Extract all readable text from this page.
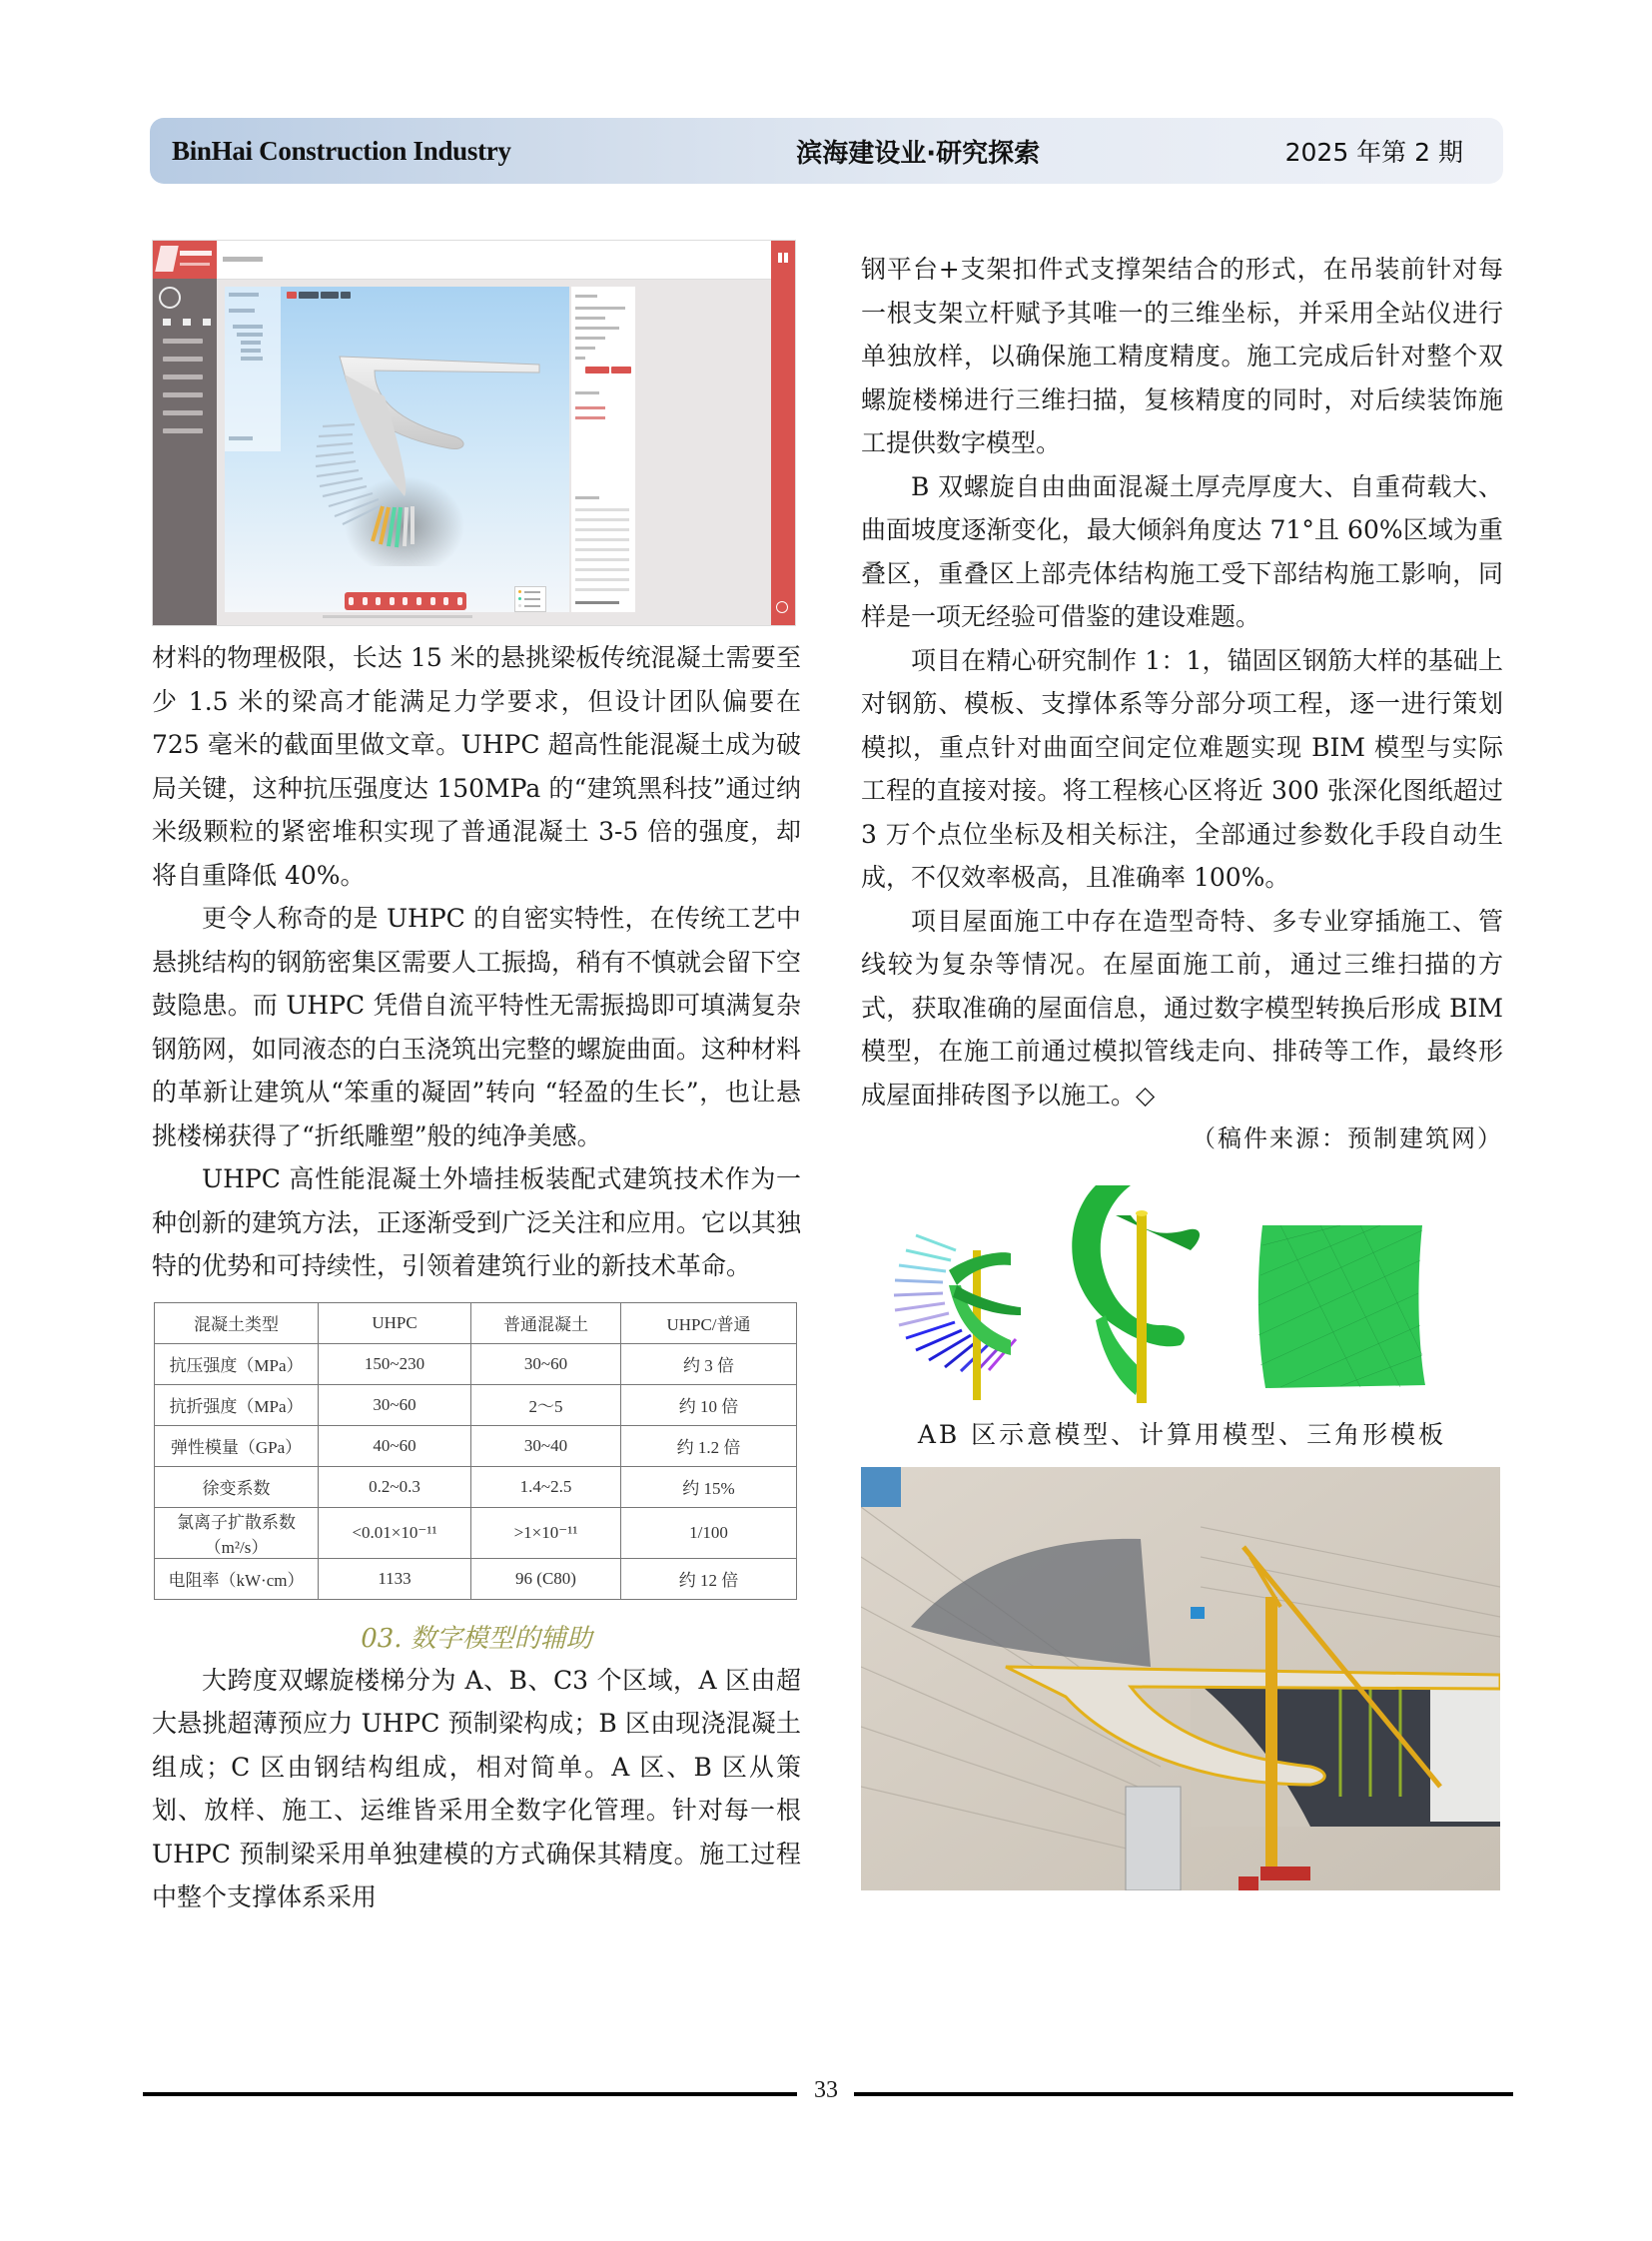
BinHai Construction Industry	滨海建设业·研究探索	2025 年第 2 期

材料的物理极限，长达 15 米的悬挑梁板传统混凝土需要至少 1.5 米的梁高才能满足力学要求，但设计团队偏要在 725 毫米的截面里做文章。UHPC 超高性能混凝土成为破局关键，这种抗压强度达 150MPa 的“建筑黑科技”通过纳米级颗粒的紧密堆积实现了普通混凝土 3-5 倍的强度，却将自重降低 40%。

更令人称奇的是 UHPC 的自密实特性，在传统工艺中悬挑结构的钢筋密集区需要人工振捣，稍有不慎就会留下空鼓隐患。而 UHPC 凭借自流平特性无需振捣即可填满复杂钢筋网，如同液态的白玉浇筑出完整的螺旋曲面。这种材料的革新让建筑从“笨重的凝固”转向 “轻盈的生长”，也让悬挑楼梯获得了“折纸雕塑”般的纯净美感。

UHPC 高性能混凝土外墙挂板装配式建筑技术作为一种创新的建筑方法，正逐渐受到广泛关注和应用。它以其独特的优势和可持续性，引领着建筑行业的新技术革命。

混凝土类型	UHPC	普通混凝土	UHPC/普通
抗压强度（MPa）	150~230	30~60	约 3 倍
抗折强度（MPa）	30~60	2～5	约 10 倍
弹性模量（GPa）	40~60	30~40	约 1.2 倍
徐变系数	0.2~0.3	1.4~2.5	约 15%
氯离子扩散系数（m²/s）	<0.01×10⁻¹¹	>1×10⁻¹¹	1/100
电阻率（kW·cm）	1133	96 (C80)	约 12 倍
03. 数字模型的辅助

大跨度双螺旋楼梯分为 A、B、C3 个区域，A 区由超大悬挑超薄预应力 UHPC 预制梁构成；B 区由现浇混凝土组成；C 区由钢结构组成，相对简单。A 区、B 区从策划、放样、施工、运维皆采用全数字化管理。针对每一根 UHPC 预制梁采用单独建模的方式确保其精度。施工过程中整个支撑体系采用

钢平台+支架扣件式支撑架结合的形式，在吊装前针对每一根支架立杆赋予其唯一的三维坐标，并采用全站仪进行单独放样，以确保施工精度精度。施工完成后针对整个双螺旋楼梯进行三维扫描，复核精度的同时，对后续装饰施工提供数字模型。

B 双螺旋自由曲面混凝土厚壳厚度大、自重荷载大、曲面坡度逐渐变化，最大倾斜角度达 71°且 60%区域为重叠区，重叠区上部壳体结构施工受下部结构施工影响，同样是一项无经验可借鉴的建设难题。

项目在精心研究制作 1：1，锚固区钢筋大样的基础上对钢筋、模板、支撑体系等分部分项工程，逐一进行策划模拟，重点针对曲面空间定位难题实现 BIM 模型与实际工程的直接对接。将工程核心区将近 300 张深化图纸超过 3 万个点位坐标及相关标注，全部通过参数化手段自动生成，不仅效率极高，且准确率 100%。

项目屋面施工中存在造型奇特、多专业穿插施工、管线较为复杂等情况。在屋面施工前，通过三维扫描的方式，获取准确的屋面信息，通过数字模型转换后形成 BIM 模型，在施工前通过模拟管线走向、排砖等工作，最终形成屋面排砖图予以施工。◇

（稿件来源：预制建筑网）
AB 区示意模型、计算用模型、三角形模板
33
